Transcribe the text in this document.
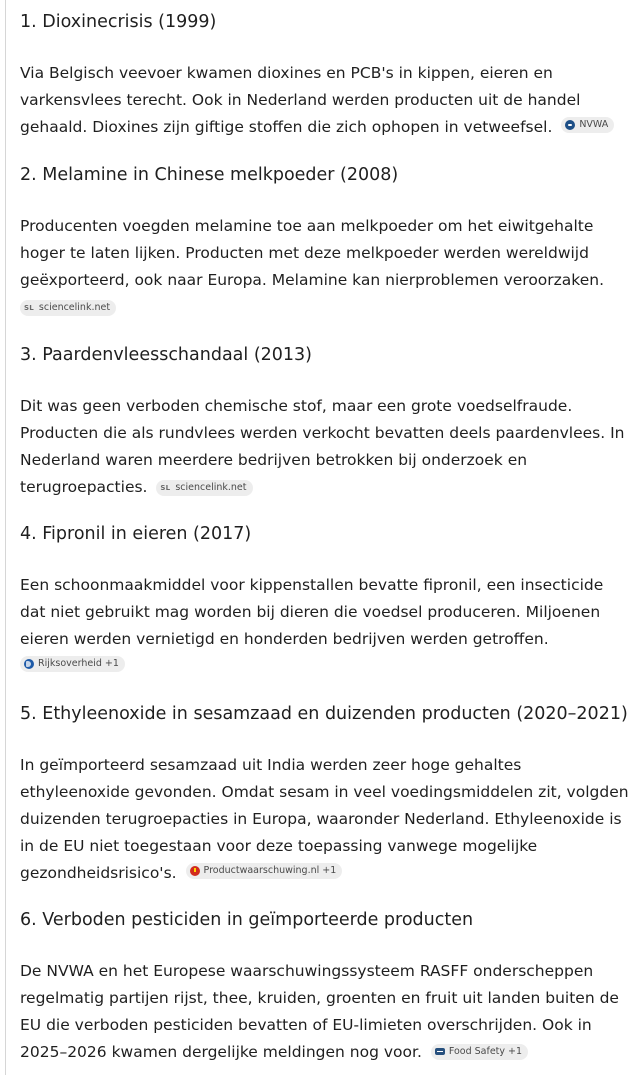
1. Dioxinecrisis (1999)

Via Belgisch veevoer kwamen dioxines en PCB's in kippen, eieren en varkensvlees terecht. Ook in Nederland werden producten uit de handel gehaald. Dioxines zijn giftige stoffen die zich ophopen in vetweefsel.	NVWA

2. Melamine in Chinese melkpoeder (2008)

Producenten voegden melamine toe aan melkpoeder om het eiwitgehalte hoger te laten lijken. Producten met deze melkpoeder werden wereldwijd geëxporteerd, ook naar Europa. Melamine kan nierproblemen veroorzaken.

SL sciencelink.net

3. Paardenvleesschandaal (2013)

Dit was geen verboden chemische stof, maar een grote voedselfraude. Producten die als rundvlees werden verkocht bevatten deels paardenvlees. In Nederland waren meerdere bedrijven betrokken bij onderzoek en terugroepacties. SL sciencelink.net

4. Fipronil in eieren (2017)

Een schoonmaakmiddel voor kippenstallen bevatte fipronil, een insecticide dat niet gebruikt mag worden bij dieren die voedsel produceren. Miljoenen eieren werden vernietigd en honderden bedrijven werden getroffen.

Rijksoverheid +1

5. Ethyleenoxide in sesamzaad en duizenden producten (2020–2021)

In geïmporteerd sesamzaad uit India werden zeer hoge gehaltes ethyleenoxide gevonden. Omdat sesam in veel voedingsmiddelen zit, volgden duizenden terugroepacties in Europa, waaronder Nederland. Ethyleenoxide is in de EU niet toegestaan voor deze toepassing vanwege mogelijke gezondheidsrisico's.	Productwaarschuwing.nl +1

6. Verboden pesticiden in geïmporteerde producten

De NVWA en het Europese waarschuwingssysteem RASFF onderscheppen regelmatig partijen rijst, thee, kruiden, groenten en fruit uit landen buiten de EU die verboden pesticiden bevatten of EU-limieten overschrijden. Ook in 2025–2026 kwamen dergelijke meldingen nog voor.	Food Safety +1
